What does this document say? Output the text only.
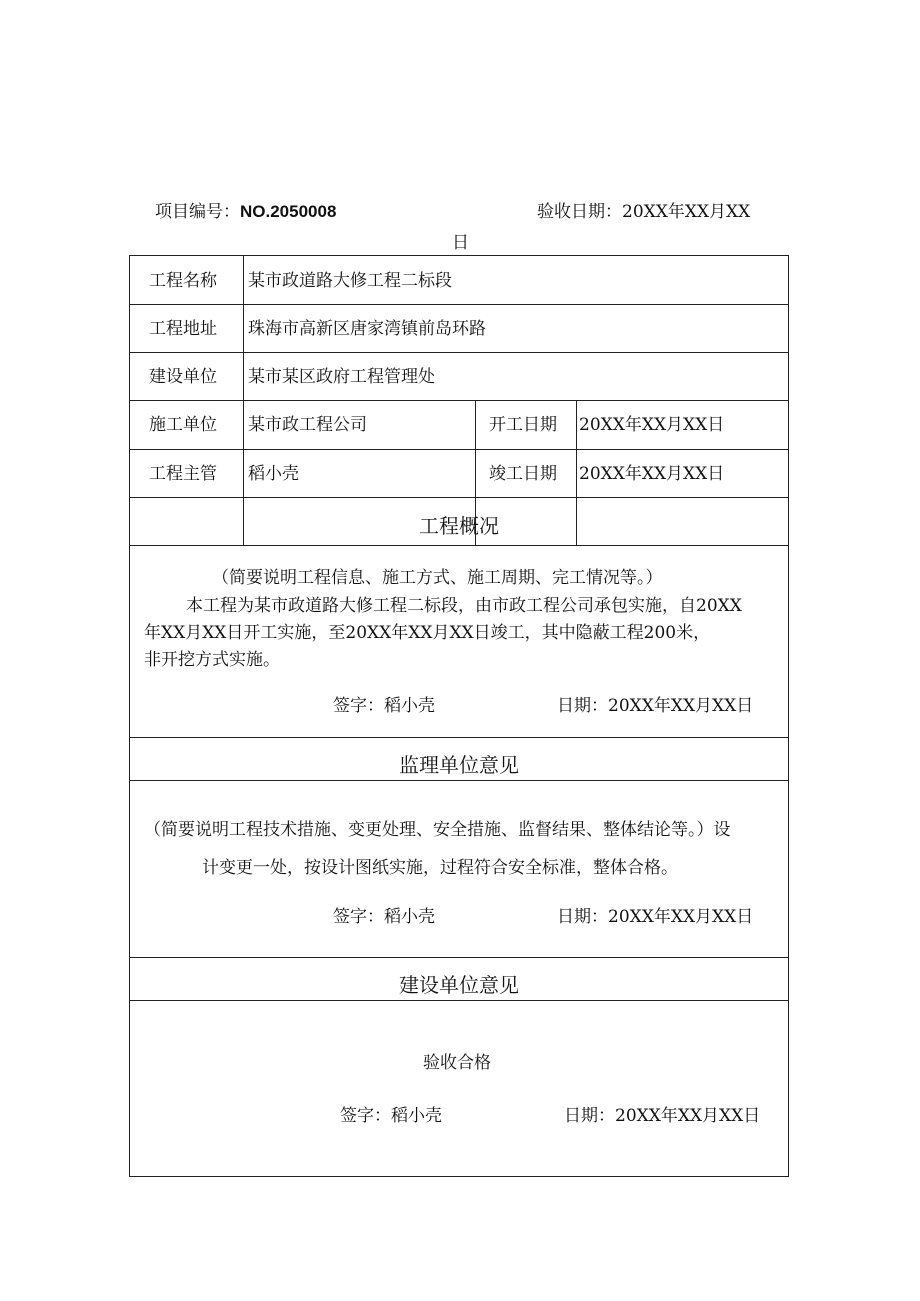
项目编号：NO.2050008	验收日期：20XX年XX月XX
日
工程名称 某市政道路大修工程二标段
工程地址 珠海市高新区唐家湾镇前岛环路
建设单位 某市某区政府工程管理处
施工单位 某市政工程公司	开工日期 20XX年XX月XX日
工程主管 稻小壳	竣工日期 20XX年XX月XX日
工程概况
（简要说明工程信息、施工方式、施工周期、完工情况等。）
本工程为某市政道路大修工程二标段，由市政工程公司承包实施，自20XX
年XX月XX日开工实施，至20XX年XX月XX日竣工，其中隐蔽工程200米，
非开挖方式实施。
签字：稻小壳	日期：20XX年XX月XX日
监理单位意见
（简要说明工程技术措施、变更处理、安全措施、监督结果、整体结论等。）设
计变更一处，按设计图纸实施，过程符合安全标准，整体合格。
签字：稻小壳	日期：20XX年XX月XX日
建设单位意见
验收合格
签字：稻小壳	日期：20XX年XX月XX日
